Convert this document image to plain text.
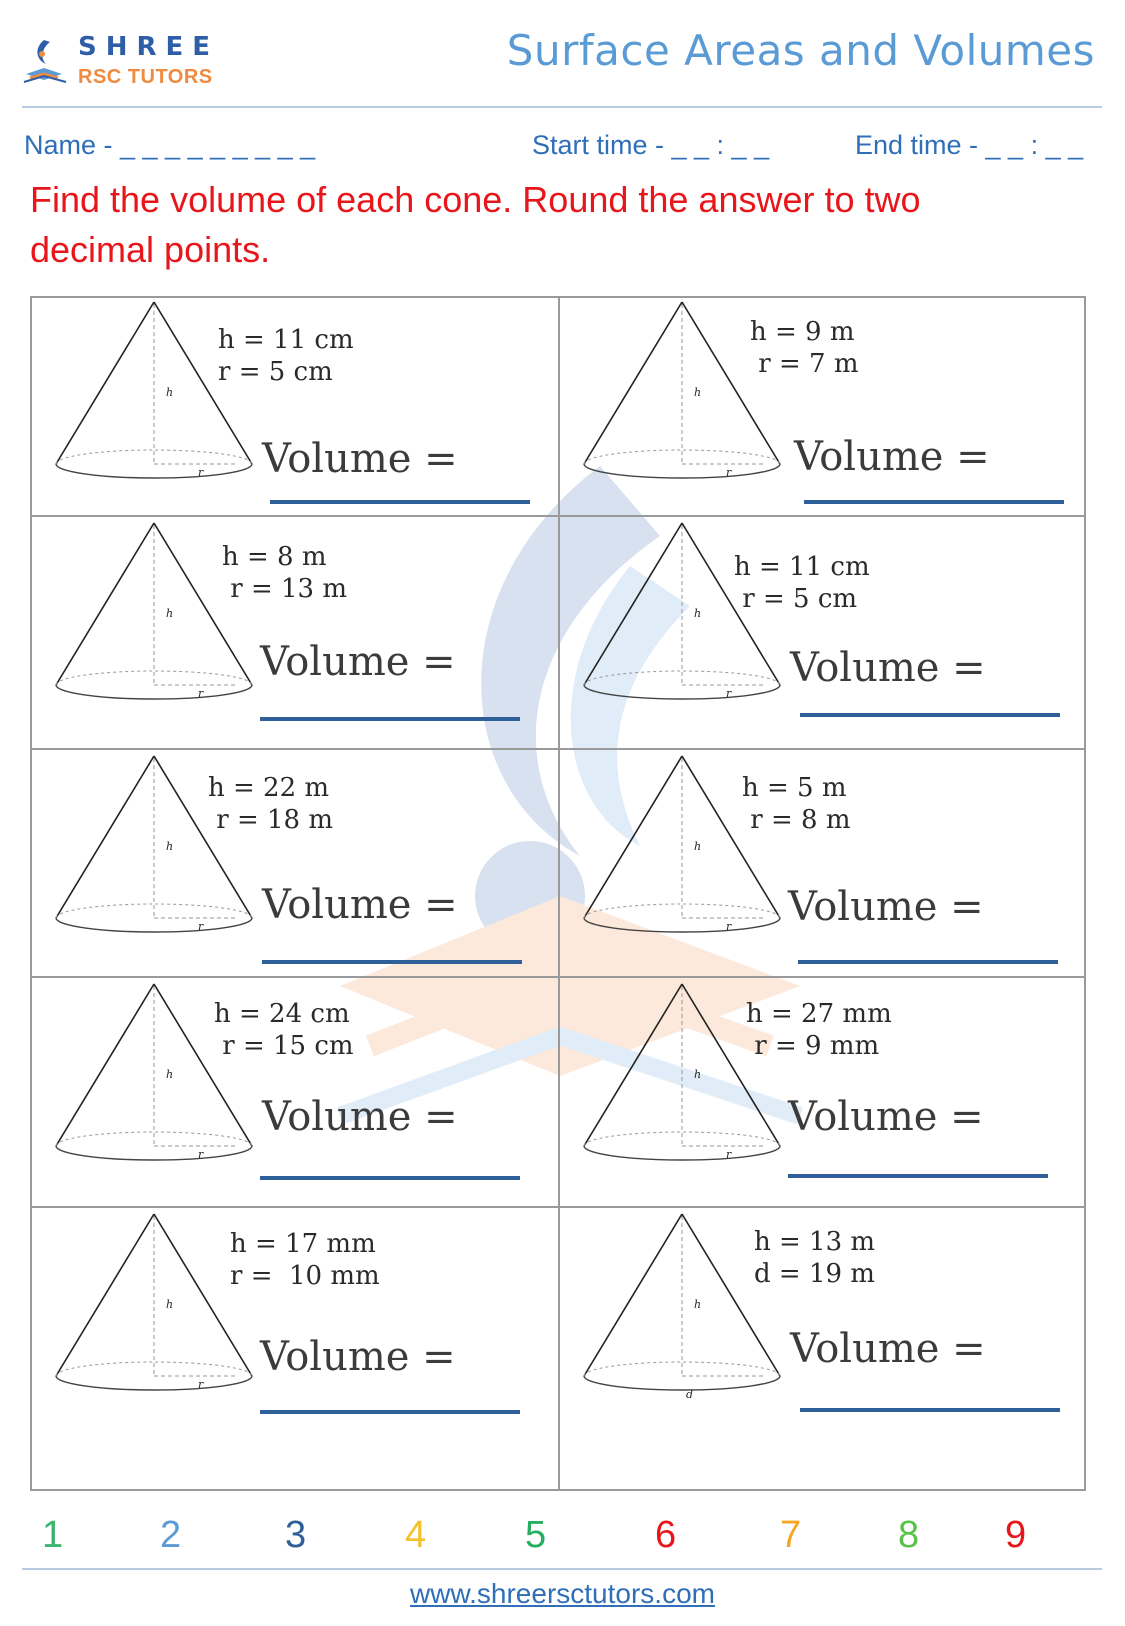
SHREE
RSC TUTORS
Surface Areas and Volumes
Name - _ _ _ _ _ _ _ _ _	Start time - _ _ : _ _	End time - _ _ : _ _
Find the volume of each cone. Round the answer to two decimal points.
h
r
h = 11 cm
r = 5 cm
Volume =
h
r
h = 9 m
r = 7 m
Volume =
h
r
h = 8 m
r = 13 m
Volume =
h
r
h = 11 cm
r = 5 cm
Volume =
h
r
h = 22 m
r = 18 m
Volume =
h
r
h = 5 m
r = 8 m
Volume =
h
r
h = 24 cm
r = 15 cm
Volume =
h
r
h = 27 mm
r = 9 mm
Volume =
h
r
h = 17 mm
r =  10 mm
Volume =
h
d
h = 13 m
d = 19 m
Volume =
1	2	3	4	5	6	7	8 9
www.shreersctutors.com
